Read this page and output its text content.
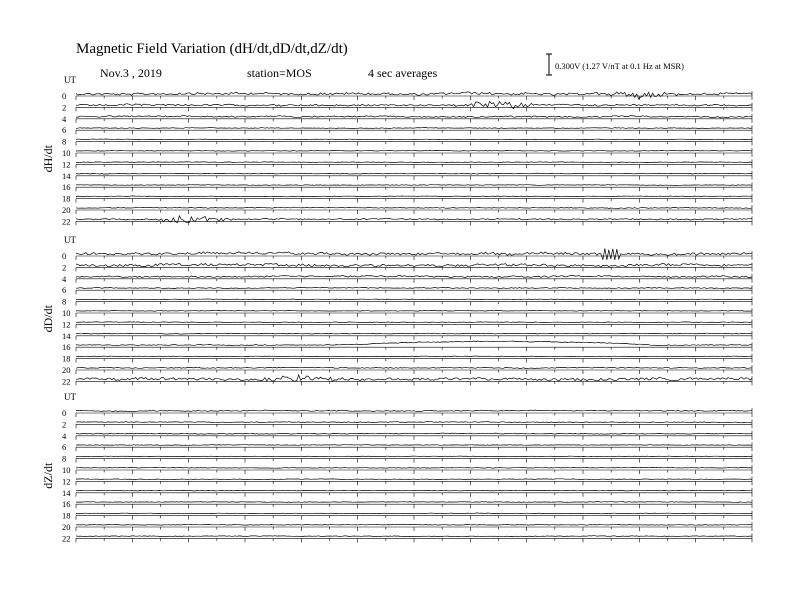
Magnetic Field Variation (dH/dt,dD/dt,dZ/dt)
Nov.3 , 2019	station=MOS	4 sec averages	0.300V (1.27 V/nT at 0.1 Hz at MSR)
UT
dH/dt
0
2
4
6
8
10
12
14
16
18
20
22
UT
dD/dt
0
2
4
6
8
10
12
14
16
18
20
22
UT
dZ/dt
0
2
4
6
8
10
12
14
16
18
20
22
